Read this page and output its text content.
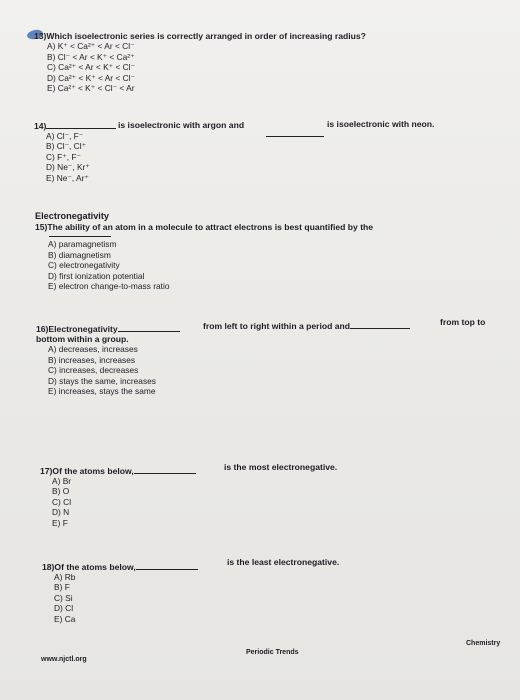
13)Which isoelectronic series is correctly arranged in order of increasing radius?
A) K⁺ < Ca²⁺ < Ar < Cl⁻
B) Cl⁻ < Ar < K⁺ < Ca²⁺
C) Ca²⁺ < Ar < K⁺ < Cl⁻
D) Ca²⁺ < K⁺ < Ar < Cl⁻
E) Ca²⁺ < K⁺ < Cl⁻ < Ar
14)	is isoelectronic with argon and	is isoelectronic with neon.
A) Cl⁻, F⁻
B) Cl⁻, Cl⁺
C) F⁺, F⁻
D) Ne⁻, Kr⁺
E) Ne⁻, Ar⁺
Electronegativity
15)The ability of an atom in a molecule to attract electrons is best quantified by the
A) paramagnetism
B) diamagnetism
C) electronegativity
D) first ionization potential
E) electron change-to-mass ratio
16)Electronegativity	from left to right within a period and	from top to
bottom within a group.
A) decreases, increases
B) increases, increases
C) increases, decreases
D) stays the same, increases
E) increases, stays the same
17)Of the atoms below,	is the most electronegative.
A) Br
B) O
C) Cl
D) N
E) F
18)Of the atoms below,	is the least electronegative.
A) Rb
B) F
C) Si
D) Cl
E) Ca
www.njctl.org
Periodic Trends
Chemistry
